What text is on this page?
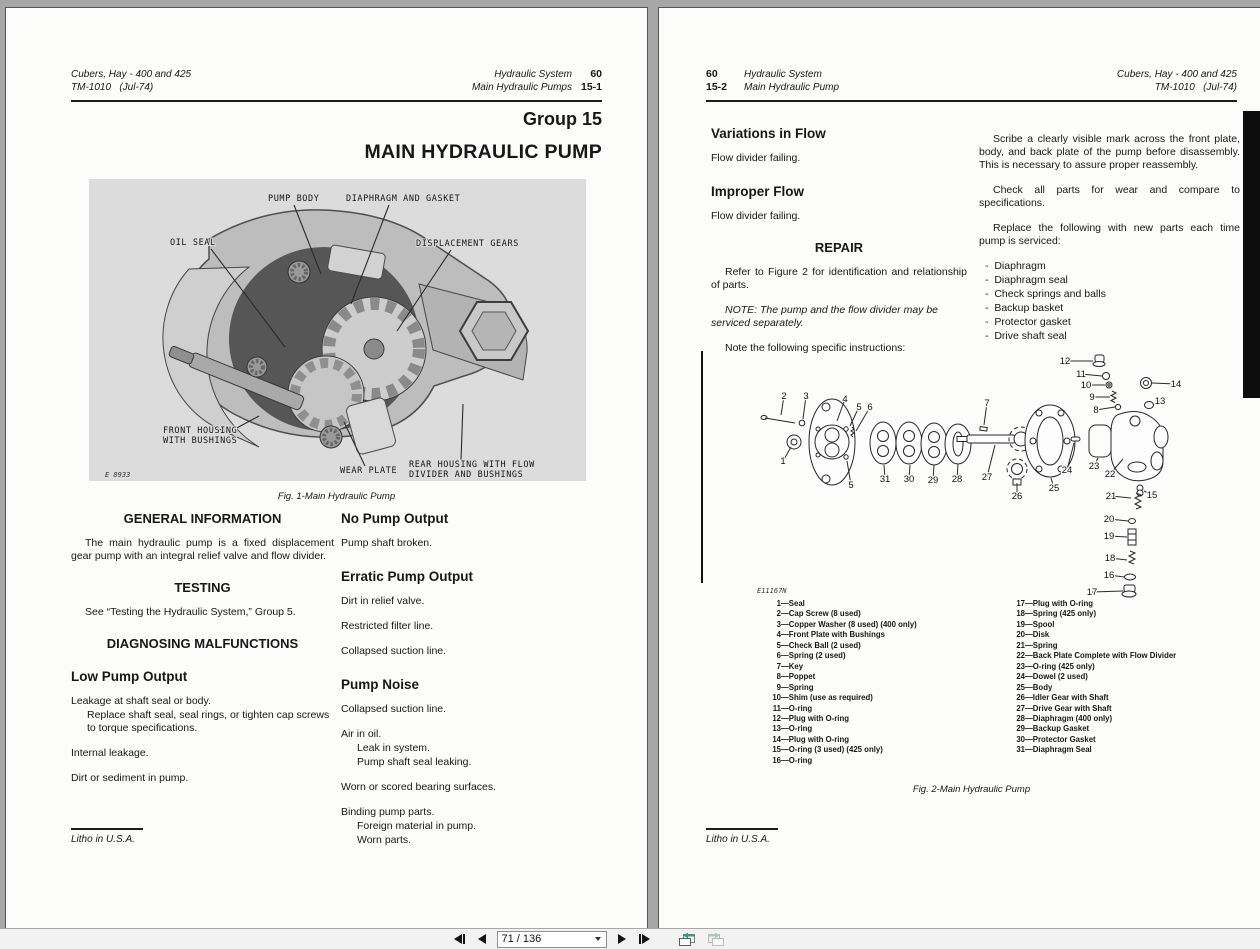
Cubers, Hay - 400 and 425
TM-1010   (Jul-74)
Hydraulic System	60
Main Hydraulic Pumps 15-1
Group 15
MAIN HYDRAULIC PUMP
PUMP BODY	DIAPHRAGM AND GASKET
OIL SEAL	DISPLACEMENT GEARS
FRONT HOUSING
WITH BUSHINGS
WEAR PLATE
REAR HOUSING WITH FLOW
DIVIDER AND BUSHINGS
E 8933
Fig. 1-Main Hydraulic Pump
GENERAL INFORMATION
The main hydraulic pump is a fixed displacement gear pump with an integral relief valve and flow divider.
TESTING
See “Testing the Hydraulic System,” Group 5.
DIAGNOSING MALFUNCTIONS
Low Pump Output
Leakage at shaft seal or body.
Replace shaft seal, seal rings, or tighten cap screws to torque specifications.
Internal leakage.
Dirt or sediment in pump.
No Pump Output
Pump shaft broken.
Erratic Pump Output
Dirt in relief valve.
Restricted filter line.
Collapsed suction line.
Pump Noise
Collapsed suction line.
Air in oil.
Leak in system.
Pump shaft seal leaking.
Worn or scored bearing surfaces.
Binding pump parts.
Foreign material in pump.
Worn parts.
Litho in U.S.A.
60
15-2
Hydraulic System
Main Hydraulic Pump
Cubers, Hay - 400 and 425
TM-1010   (Jul-74)
Variations in Flow
Flow divider failing.
Improper Flow
Flow divider failing.
REPAIR
Refer to Figure 2 for identification and relationship of parts.
NOTE: The pump and the flow divider may be serviced separately.
Note the following specific instructions:
Scribe a clearly visible mark across the front plate, body, and back plate of the pump before disassembly. This is necessary to assure proper reassembly.
Check all parts for wear and compare to specifications.
Replace the following with new parts each time pump is serviced:
-  Diaphragm
-  Diaphragm seal
-  Check springs and balls
-  Backup basket
-  Protector gasket
-  Drive shaft seal
2 3
1
4
5 6
5
31 30 29 28
7
27
26
25
24 23
22
12
11
10
9
8
14
13
15
21
20
19
18
16
17
E11167N
1 — Seal
2 — Cap Screw (8 used)
3 — Copper Washer (8 used) (400 only)
4 — Front Plate with Bushings
5 — Check Ball (2 used)
6 — Spring (2 used)
7 — Key
8 — Poppet
9 — Spring
10 — Shim (use as required)
11 — O-ring
12 — Plug with O-ring
13 — O-ring
14 — Plug with O-ring
15 — O-ring (3 used) (425 only)
16 — O-ring
17 — Plug with O-ring
18 — Spring (425 only)
19 — Spool
20 — Disk
21 — Spring
22 — Back Plate Complete with Flow Divider
23 — O-ring (425 only)
24 — Dowel (2 used)
25 — Body
26 — Idler Gear with Shaft
27 — Drive Gear with Shaft
28 — Diaphragm (400 only)
29 — Backup Gasket
30 — Protector Gasket
31 — Diaphragm Seal
Fig. 2-Main Hydraulic Pump
Litho in U.S.A.
71 / 136
